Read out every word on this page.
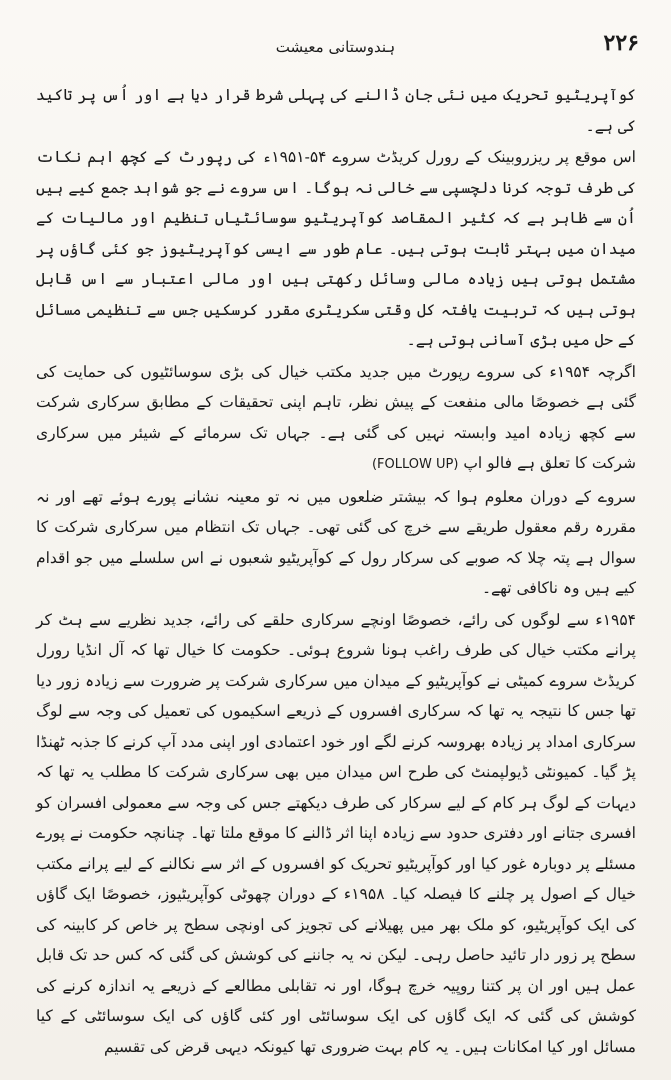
ہندوستانی معیشت	۲۲۶

کوآپریٹیو تحریک میں نئی جان ڈالنے کی پہلی شرط قرار دیا ہے اور اُس پر تاکید کی ہے۔

اس موقع پر ریزروبینک کے رورل کریڈٹ سروے ۵۴-۱۹۵۱ء کی رپورٹ کے کچھ اہم نکات کی طرف توجہ کرنا دلچسپی سے خالی نہ ہوگا۔ اس سروے نے جو شواہد جمع کیے ہیں اُن سے ظاہر ہے کہ کثیر المقاصد کوآپریٹیو سوسائٹیاں تنظیم اور مالیات کے میدان میں بہتر ثابت ہوتی ہیں۔ عام طور سے ایسی کوآپریٹیوز جو کئی گاؤں پر مشتمل ہوتی ہیں زیادہ مالی وسائل رکھتی ہیں اور مالی اعتبار سے اس قابل ہوتی ہیں کہ تربیت یافتہ کل وقتی سکریٹری مقرر کرسکیں جس سے تنظیمی مسائل کے حل میں بڑی آسانی ہوتی ہے۔

اگرچہ ۱۹۵۴ء کی سروے رپورٹ میں جدید مکتب خیال کی بڑی سوسائٹیوں کی حمایت کی گئی ہے خصوصًا مالی منفعت کے پیش نظر، تاہم اپنی تحقیقات کے مطابق سرکاری شرکت سے کچھ زیادہ امید وابستہ نہیں کی گئی ہے۔ جہاں تک سرمائے کے شیئر میں سرکاری شرکت کا تعلق ہے فالو اپ (FOLLOW UP)

سروے کے دوران معلوم ہوا کہ بیشتر ضلعوں میں نہ تو معینہ نشانے پورے ہوئے تھے اور نہ مقررہ رقم معقول طریقے سے خرچ کی گئی تھی۔ جہاں تک انتظام میں سرکاری شرکت کا سوال ہے پتہ چلا کہ صوبے کی سرکار رول کے کوآپریٹیو شعبوں نے اس سلسلے میں جو اقدام کیے ہیں وہ ناکافی تھے۔

۱۹۵۴ء سے لوگوں کی رائے، خصوصًا اونچے سرکاری حلقے کی رائے، جدید نظریے سے ہٹ کر پرانے مکتب خیال کی طرف راغب ہونا شروع ہوئی۔ حکومت کا خیال تھا کہ آل انڈیا رورل کریڈٹ سروے کمیٹی نے کوآپریٹیو کے میدان میں سرکاری شرکت پر ضرورت سے زیادہ زور دیا تھا جس کا نتیجہ یہ تھا کہ سرکاری افسروں کے ذریعے اسکیموں کی تعمیل کی وجہ سے لوگ سرکاری امداد پر زیادہ بھروسہ کرنے لگے اور خود اعتمادی اور اپنی مدد آپ کرنے کا جذبہ ٹھنڈا پڑ گیا۔ کمیونٹی ڈیولپمنٹ کی طرح اس میدان میں بھی سرکاری شرکت کا مطلب یہ تھا کہ دیہات کے لوگ ہر کام کے لیے سرکار کی طرف دیکھتے جس کی وجہ سے معمولی افسران کو افسری جتانے اور دفتری حدود سے زیادہ اپنا اثر ڈالنے کا موقع ملتا تھا۔ چنانچہ حکومت نے پورے مسئلے پر دوبارہ غور کیا اور کوآپریٹیو تحریک کو افسروں کے اثر سے نکالنے کے لیے پرانے مکتب خیال کے اصول پر چلنے کا فیصلہ کیا۔ ۱۹۵۸ء کے دوران چھوٹی کوآپریٹیوز، خصوصًا ایک گاؤں کی ایک کوآپریٹیو، کو ملک بھر میں پھیلانے کی تجویز کی اونچی سطح پر خاص کر کابینہ کی سطح پر زور دار تائید حاصل رہی۔ لیکن نہ یہ جاننے کی کوشش کی گئی کہ کس حد تک قابل عمل ہیں اور ان پر کتنا روپیہ خرچ ہوگا، اور نہ تقابلی مطالعے کے ذریعے یہ اندازہ کرنے کی کوشش کی گئی کہ ایک گاؤں کی ایک سوسائٹی اور کئی گاؤں کی ایک سوسائٹی کے کیا مسائل اور کیا امکانات ہیں۔ یہ کام بہت ضروری تھا کیونکہ دیہی قرض کی تقسیم
